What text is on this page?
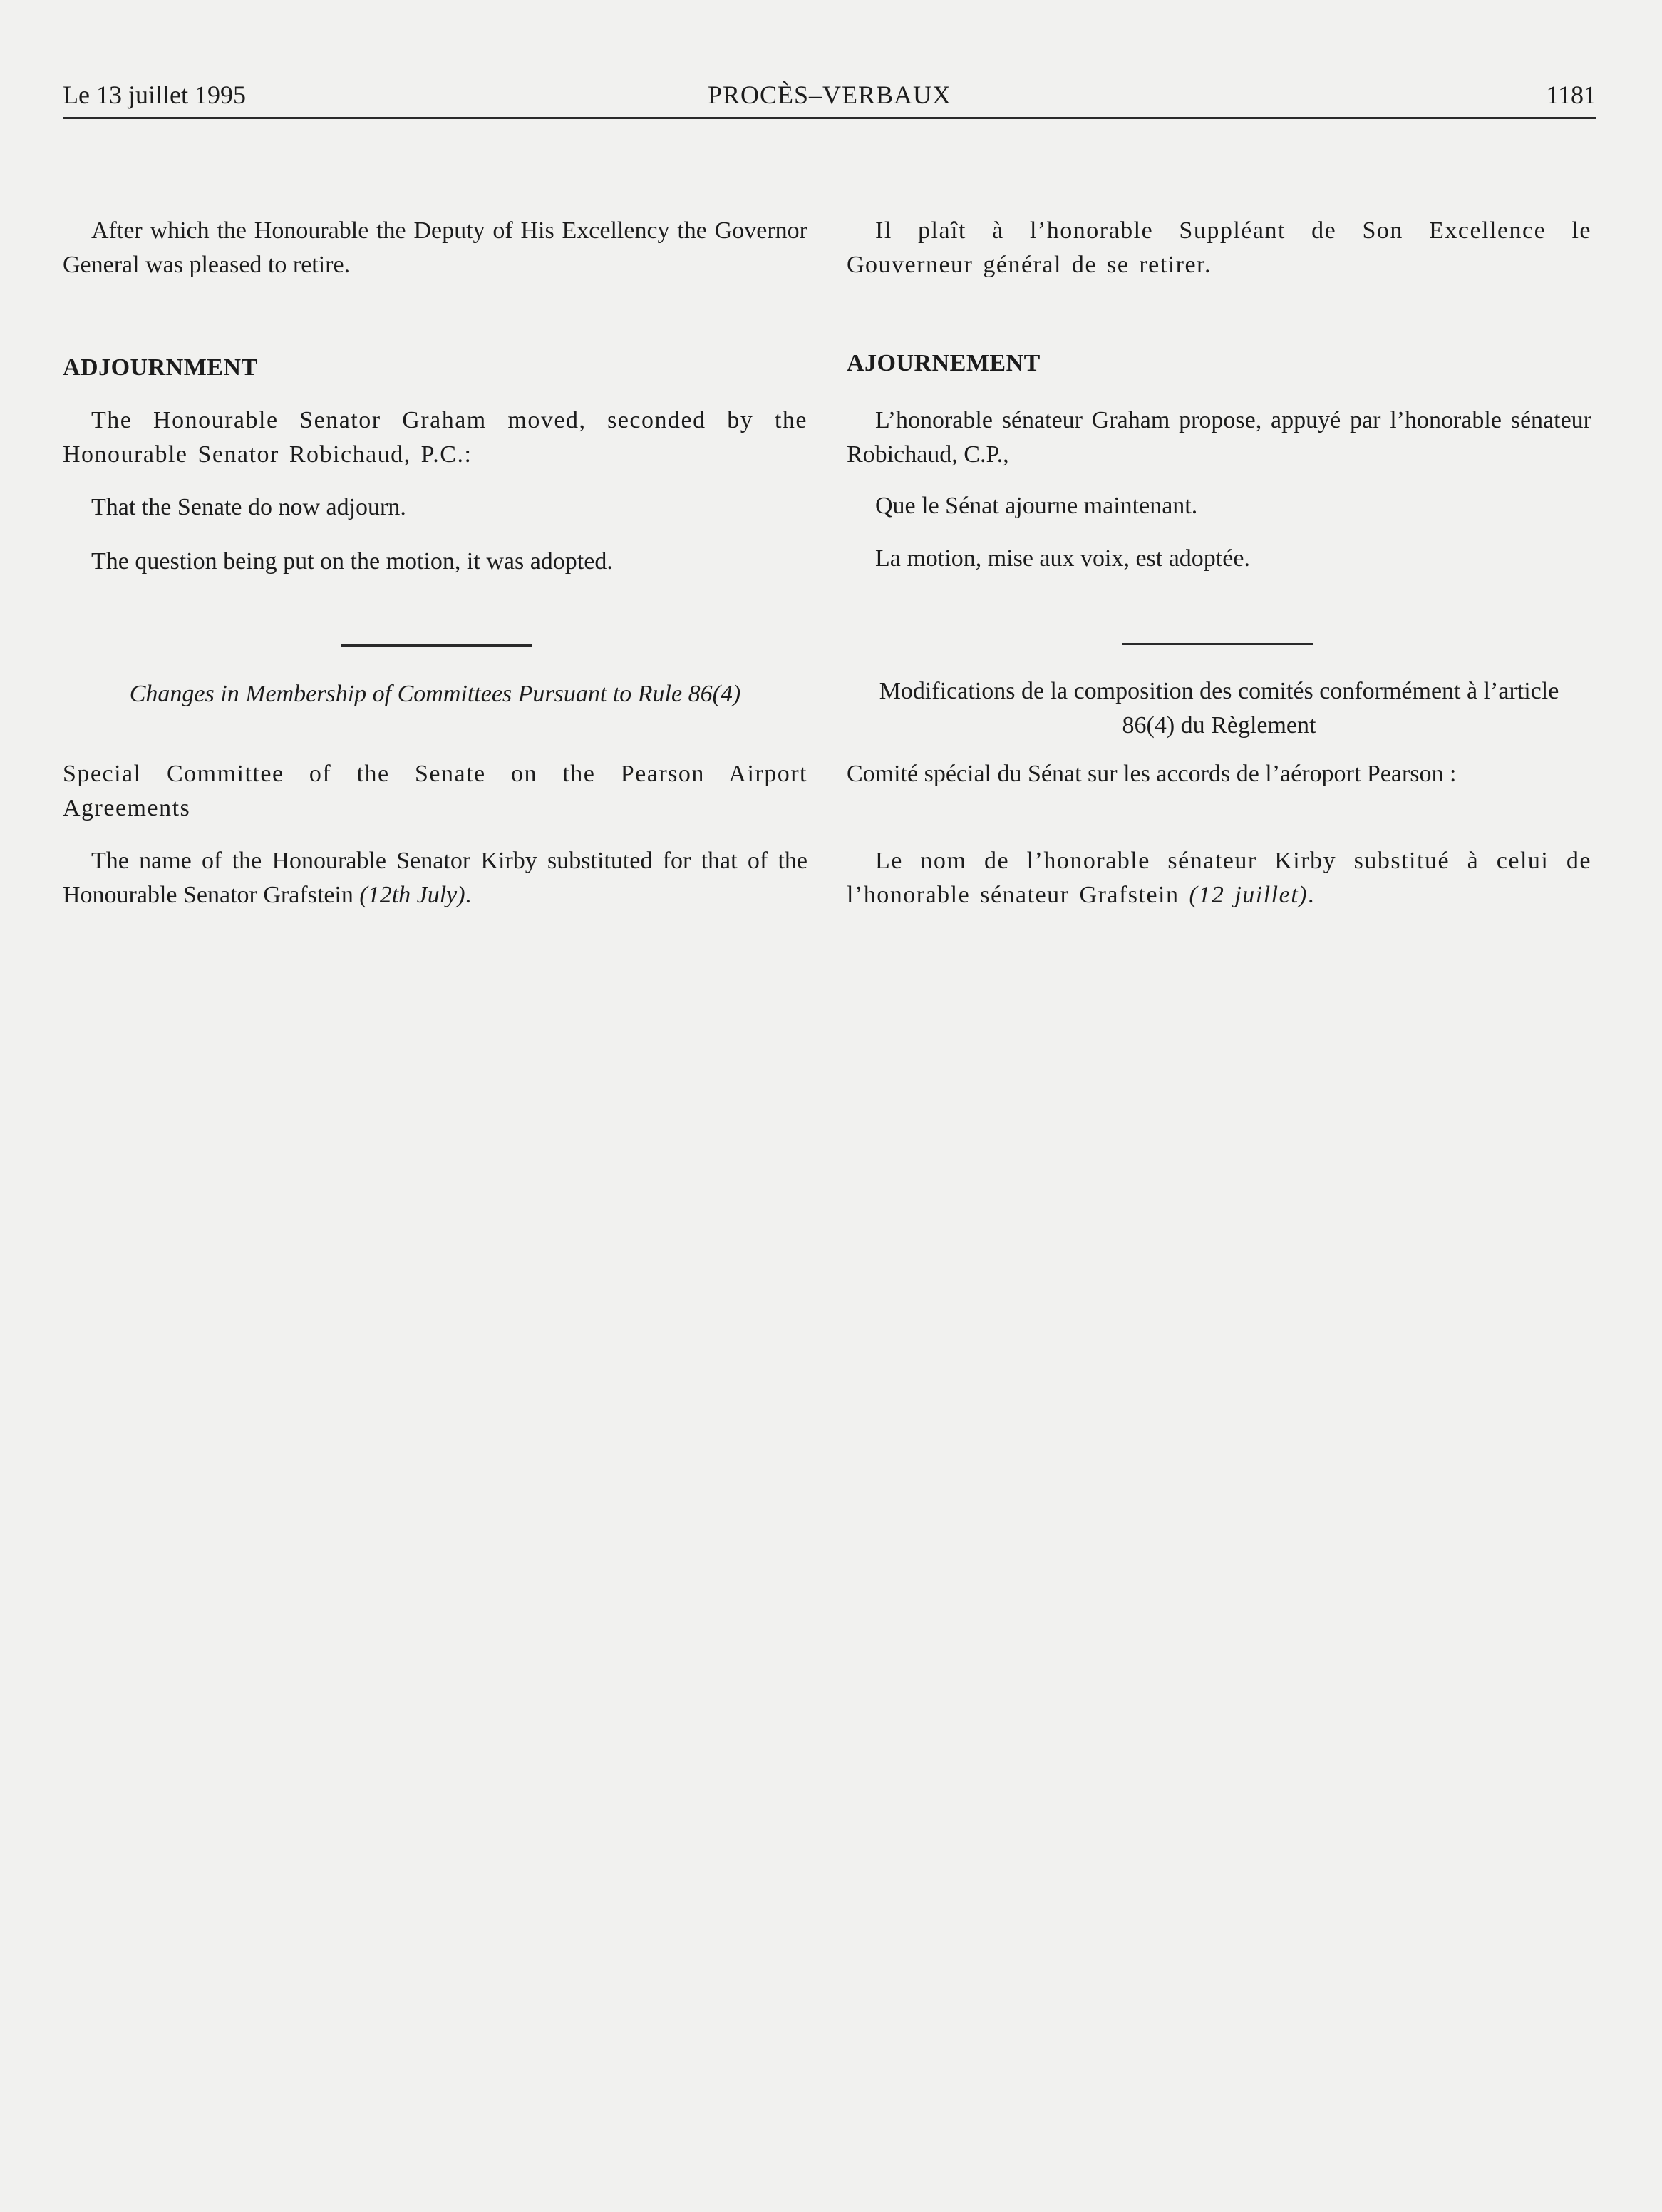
Le 13 juillet 1995	PROCÈS–VERBAUX	1181

After which the Honourable the Deputy of His Excellency the Governor General was pleased to retire.

ADJOURNMENT

The Honourable Senator Graham moved, seconded by the Honourable Senator Robichaud, P.C.:

That the Senate do now adjourn.

The question being put on the motion, it was adopted.

Changes in Membership of Committees Pursuant to Rule 86(4)

Special Committee of the Senate on the Pearson Airport Agreements

The name of the Honourable Senator Kirby substituted for that of the Honourable Senator Grafstein (12th July).

Il plaît à l’honorable Suppléant de Son Excellence le Gouverneur général de se retirer.

AJOURNEMENT

L’honorable sénateur Graham propose, appuyé par l’honorable sénateur Robichaud, C.P.,

Que le Sénat ajourne maintenant.

La motion, mise aux voix, est adoptée.

Modifications de la composition des comités conformément à l’article 86(4) du Règlement

Comité spécial du Sénat sur les accords de l’aéroport Pearson :

Le nom de l’honorable sénateur Kirby substitué à celui de l’honorable sénateur Grafstein (12 juillet).
